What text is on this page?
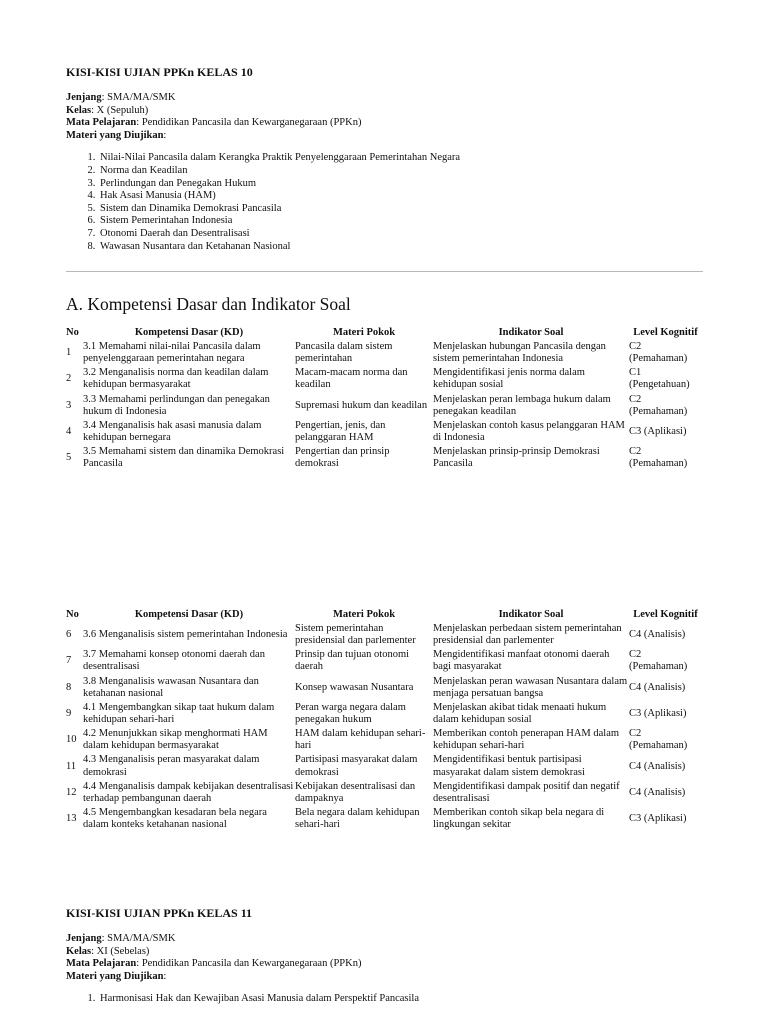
KISI-KISI UJIAN PPKn KELAS 10
Jenjang: SMA/MA/SMK
Kelas: X (Sepuluh)
Mata Pelajaran: Pendidikan Pancasila dan Kewarganegaraan (PPKn)
Materi yang Diujikan:
1. Nilai-Nilai Pancasila dalam Kerangka Praktik Penyelenggaraan Pemerintahan Negara
2. Norma dan Keadilan
3. Perlindungan dan Penegakan Hukum
4. Hak Asasi Manusia (HAM)
5. Sistem dan Dinamika Demokrasi Pancasila
6. Sistem Pemerintahan Indonesia
7. Otonomi Daerah dan Desentralisasi
8. Wawasan Nusantara dan Ketahanan Nasional
A. Kompetensi Dasar dan Indikator Soal
No	Kompetensi Dasar (KD)	Materi Pokok	Indikator Soal	Level Kognitif
1	3.1 Memahami nilai-nilai Pancasila dalam penyelenggaraan pemerintahan negara	Pancasila dalam sistem pemerintahan	Menjelaskan hubungan Pancasila dengan sistem pemerintahan Indonesia	C2 (Pemahaman)
2	3.2 Menganalisis norma dan keadilan dalam kehidupan bermasyarakat	Macam-macam norma dan keadilan	Mengidentifikasi jenis norma dalam kehidupan sosial	C1 (Pengetahuan)
3	3.3 Memahami perlindungan dan penegakan hukum di Indonesia	Supremasi hukum dan keadilan	Menjelaskan peran lembaga hukum dalam penegakan keadilan	C2 (Pemahaman)
4	3.4 Menganalisis hak asasi manusia dalam kehidupan bernegara	Pengertian, jenis, dan pelanggaran HAM	Menjelaskan contoh kasus pelanggaran HAM di Indonesia	C3 (Aplikasi)
5	3.5 Memahami sistem dan dinamika Demokrasi Pancasila	Pengertian dan prinsip demokrasi	Menjelaskan prinsip-prinsip Demokrasi Pancasila	C2 (Pemahaman)
No	Kompetensi Dasar (KD)	Materi Pokok	Indikator Soal	Level Kognitif
6	3.6 Menganalisis sistem pemerintahan Indonesia	Sistem pemerintahan presidensial dan parlementer	Menjelaskan perbedaan sistem pemerintahan presidensial dan parlementer	C4 (Analisis)
7	3.7 Memahami konsep otonomi daerah dan desentralisasi	Prinsip dan tujuan otonomi daerah	Mengidentifikasi manfaat otonomi daerah bagi masyarakat	C2 (Pemahaman)
8	3.8 Menganalisis wawasan Nusantara dan ketahanan nasional	Konsep wawasan Nusantara	Menjelaskan peran wawasan Nusantara dalam menjaga persatuan bangsa	C4 (Analisis)
9	4.1 Mengembangkan sikap taat hukum dalam kehidupan sehari-hari	Peran warga negara dalam penegakan hukum	Menjelaskan akibat tidak menaati hukum dalam kehidupan sosial	C3 (Aplikasi)
10	4.2 Menunjukkan sikap menghormati HAM dalam kehidupan bermasyarakat	HAM dalam kehidupan sehari-hari	Memberikan contoh penerapan HAM dalam kehidupan sehari-hari	C2 (Pemahaman)
11	4.3 Menganalisis peran masyarakat dalam demokrasi	Partisipasi masyarakat dalam demokrasi	Mengidentifikasi bentuk partisipasi masyarakat dalam sistem demokrasi	C4 (Analisis)
12	4.4 Menganalisis dampak kebijakan desentralisasi terhadap pembangunan daerah	Kebijakan desentralisasi dan dampaknya	Mengidentifikasi dampak positif dan negatif desentralisasi	C4 (Analisis)
13	4.5 Mengembangkan kesadaran bela negara dalam konteks ketahanan nasional	Bela negara dalam kehidupan sehari-hari	Memberikan contoh sikap bela negara di lingkungan sekitar	C3 (Aplikasi)
KISI-KISI UJIAN PPKn KELAS 11
Jenjang: SMA/MA/SMK
Kelas: XI (Sebelas)
Mata Pelajaran: Pendidikan Pancasila dan Kewarganegaraan (PPKn)
Materi yang Diujikan:
1. Harmonisasi Hak dan Kewajiban Asasi Manusia dalam Perspektif Pancasila
